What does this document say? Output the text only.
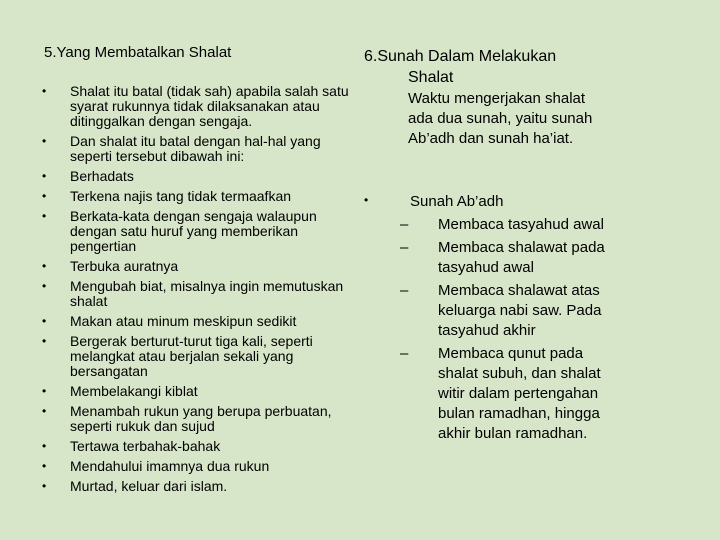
5.Yang Membatalkan Shalat
• Shalat itu batal (tidak sah) apabila salah satu syarat rukunnya tidak dilaksanakan atau ditinggalkan dengan sengaja.
• Dan shalat itu batal dengan hal-hal yang seperti tersebut dibawah ini:
• Berhadats
• Terkena najis tang tidak termaafkan
• Berkata-kata dengan sengaja walaupun dengan satu huruf yang memberikan pengertian
• Terbuka auratnya
• Mengubah biat, misalnya ingin memutuskan shalat
• Makan atau minum meskipun sedikit
• Bergerak berturut-turut tiga kali, seperti melangkat atau berjalan sekali yang bersangatan
• Membelakangi kiblat
• Menambah rukun yang berupa perbuatan, seperti rukuk dan sujud
• Tertawa terbahak-bahak
• Mendahului imamnya dua rukun
• Murtad, keluar dari islam.
6.Sunah Dalam Melakukan
Shalat
Waktu mengerjakan shalat ada dua sunah, yaitu sunah Ab’adh dan sunah ha’iat.
•	Sunah Ab’adh
– Membaca tasyahud awal
– Membaca shalawat pada tasyahud awal
– Membaca shalawat atas keluarga nabi saw. Pada tasyahud akhir
– Membaca qunut pada shalat subuh, dan shalat witir dalam pertengahan bulan ramadhan, hingga akhir bulan ramadhan.
